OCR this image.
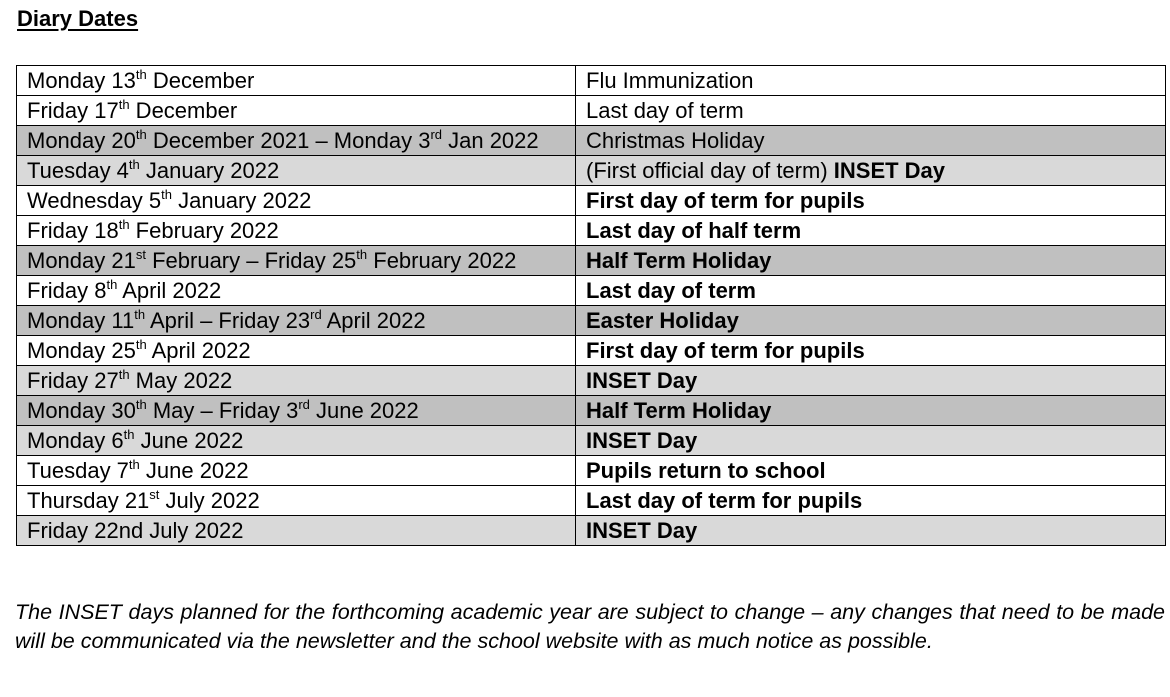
Diary Dates
Monday 13th December	Flu Immunization
Friday 17th December	Last day of term
Monday 20th December 2021 – Monday 3rd Jan 2022	Christmas Holiday
Tuesday 4th January 2022	(First official day of term) INSET Day
Wednesday 5th January 2022	First day of term for pupils
Friday 18th February 2022	Last day of half term
Monday 21st February – Friday 25th February 2022	Half Term Holiday
Friday 8th April 2022	Last day of term
Monday 11th April – Friday 23rd April 2022	Easter Holiday
Monday 25th April 2022	First day of term for pupils
Friday 27th May 2022	INSET Day
Monday 30th May – Friday 3rd June 2022	Half Term Holiday
Monday 6th June 2022	INSET Day
Tuesday 7th June 2022	Pupils return to school
Thursday 21st July 2022	Last day of term for pupils
Friday 22nd July 2022	INSET Day
The INSET days planned for the forthcoming academic year are subject to change – any changes that need to be made will be communicated via the newsletter and the school website with as much notice as possible.
